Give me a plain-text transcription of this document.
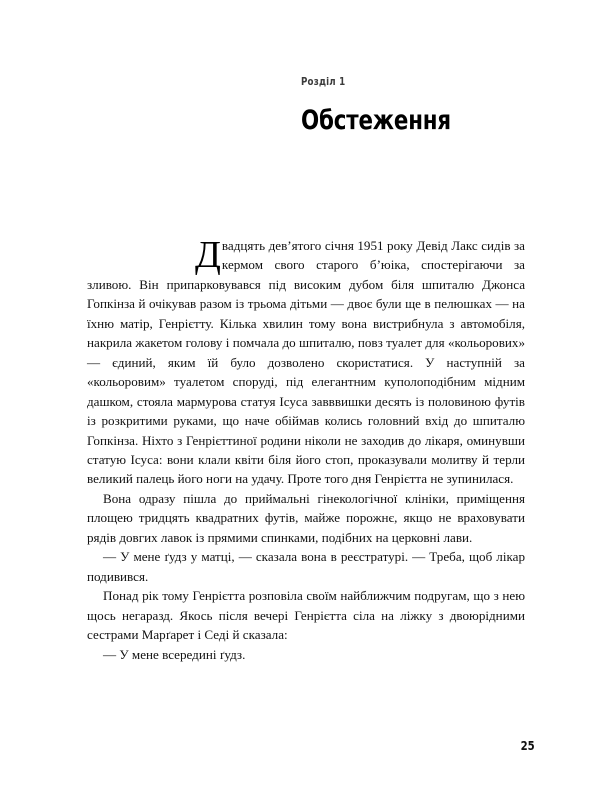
Розділ 1

Обстеження

Двадцять дев’ятого січня 1951 року Девід Лакс сидів за кермом свого старого б’юіка, спостерігаючи за зливою. Він припарковувався під високим дубом біля шпиталю Джонса Гопкінза й очікував разом із трьома дітьми — двоє були ще в пелюшках — на їхню матір, Генрієтту. Кілька хвилин тому вона вистрибнула з автомобіля, накрила жакетом голову і помчала до шпиталю, повз туалет для «кольорових» — єдиний, яким їй було дозволено скористатися. У наступній за «кольоровим» туалетом споруді, під елегантним куполоподібним мідним дашком, стояла мармурова статуя Ісуса завввишки десять із половиною футів із розкритими руками, що наче обіймав колись головний вхід до шпиталю Гопкінза. Ніхто з Генрієттиної родини ніколи не заходив до лікаря, оминувши статую Ісуса: вони клали квіти біля його стоп, проказували молитву й терли великий палець його ноги на удачу. Проте того дня Генрієтта не зупинилася.

Вона одразу пішла до приймальні гінекологічної клініки, приміщення площею тридцять квадратних футів, майже порожнє, якщо не враховувати рядів довгих лавок із прямими спинками, подібних на церковні лави.

— У мене ґудз у матці, — сказала вона в реєстратурі. — Треба, щоб лікар подивився.

Понад рік тому Генрієтта розповіла своїм найближчим подругам, що з нею щось негаразд. Якось після вечері Генрієтта сіла на ліжку з двоюрідними сестрами Марґарет і Седі й сказала:

— У мене всередині ґудз.

25
